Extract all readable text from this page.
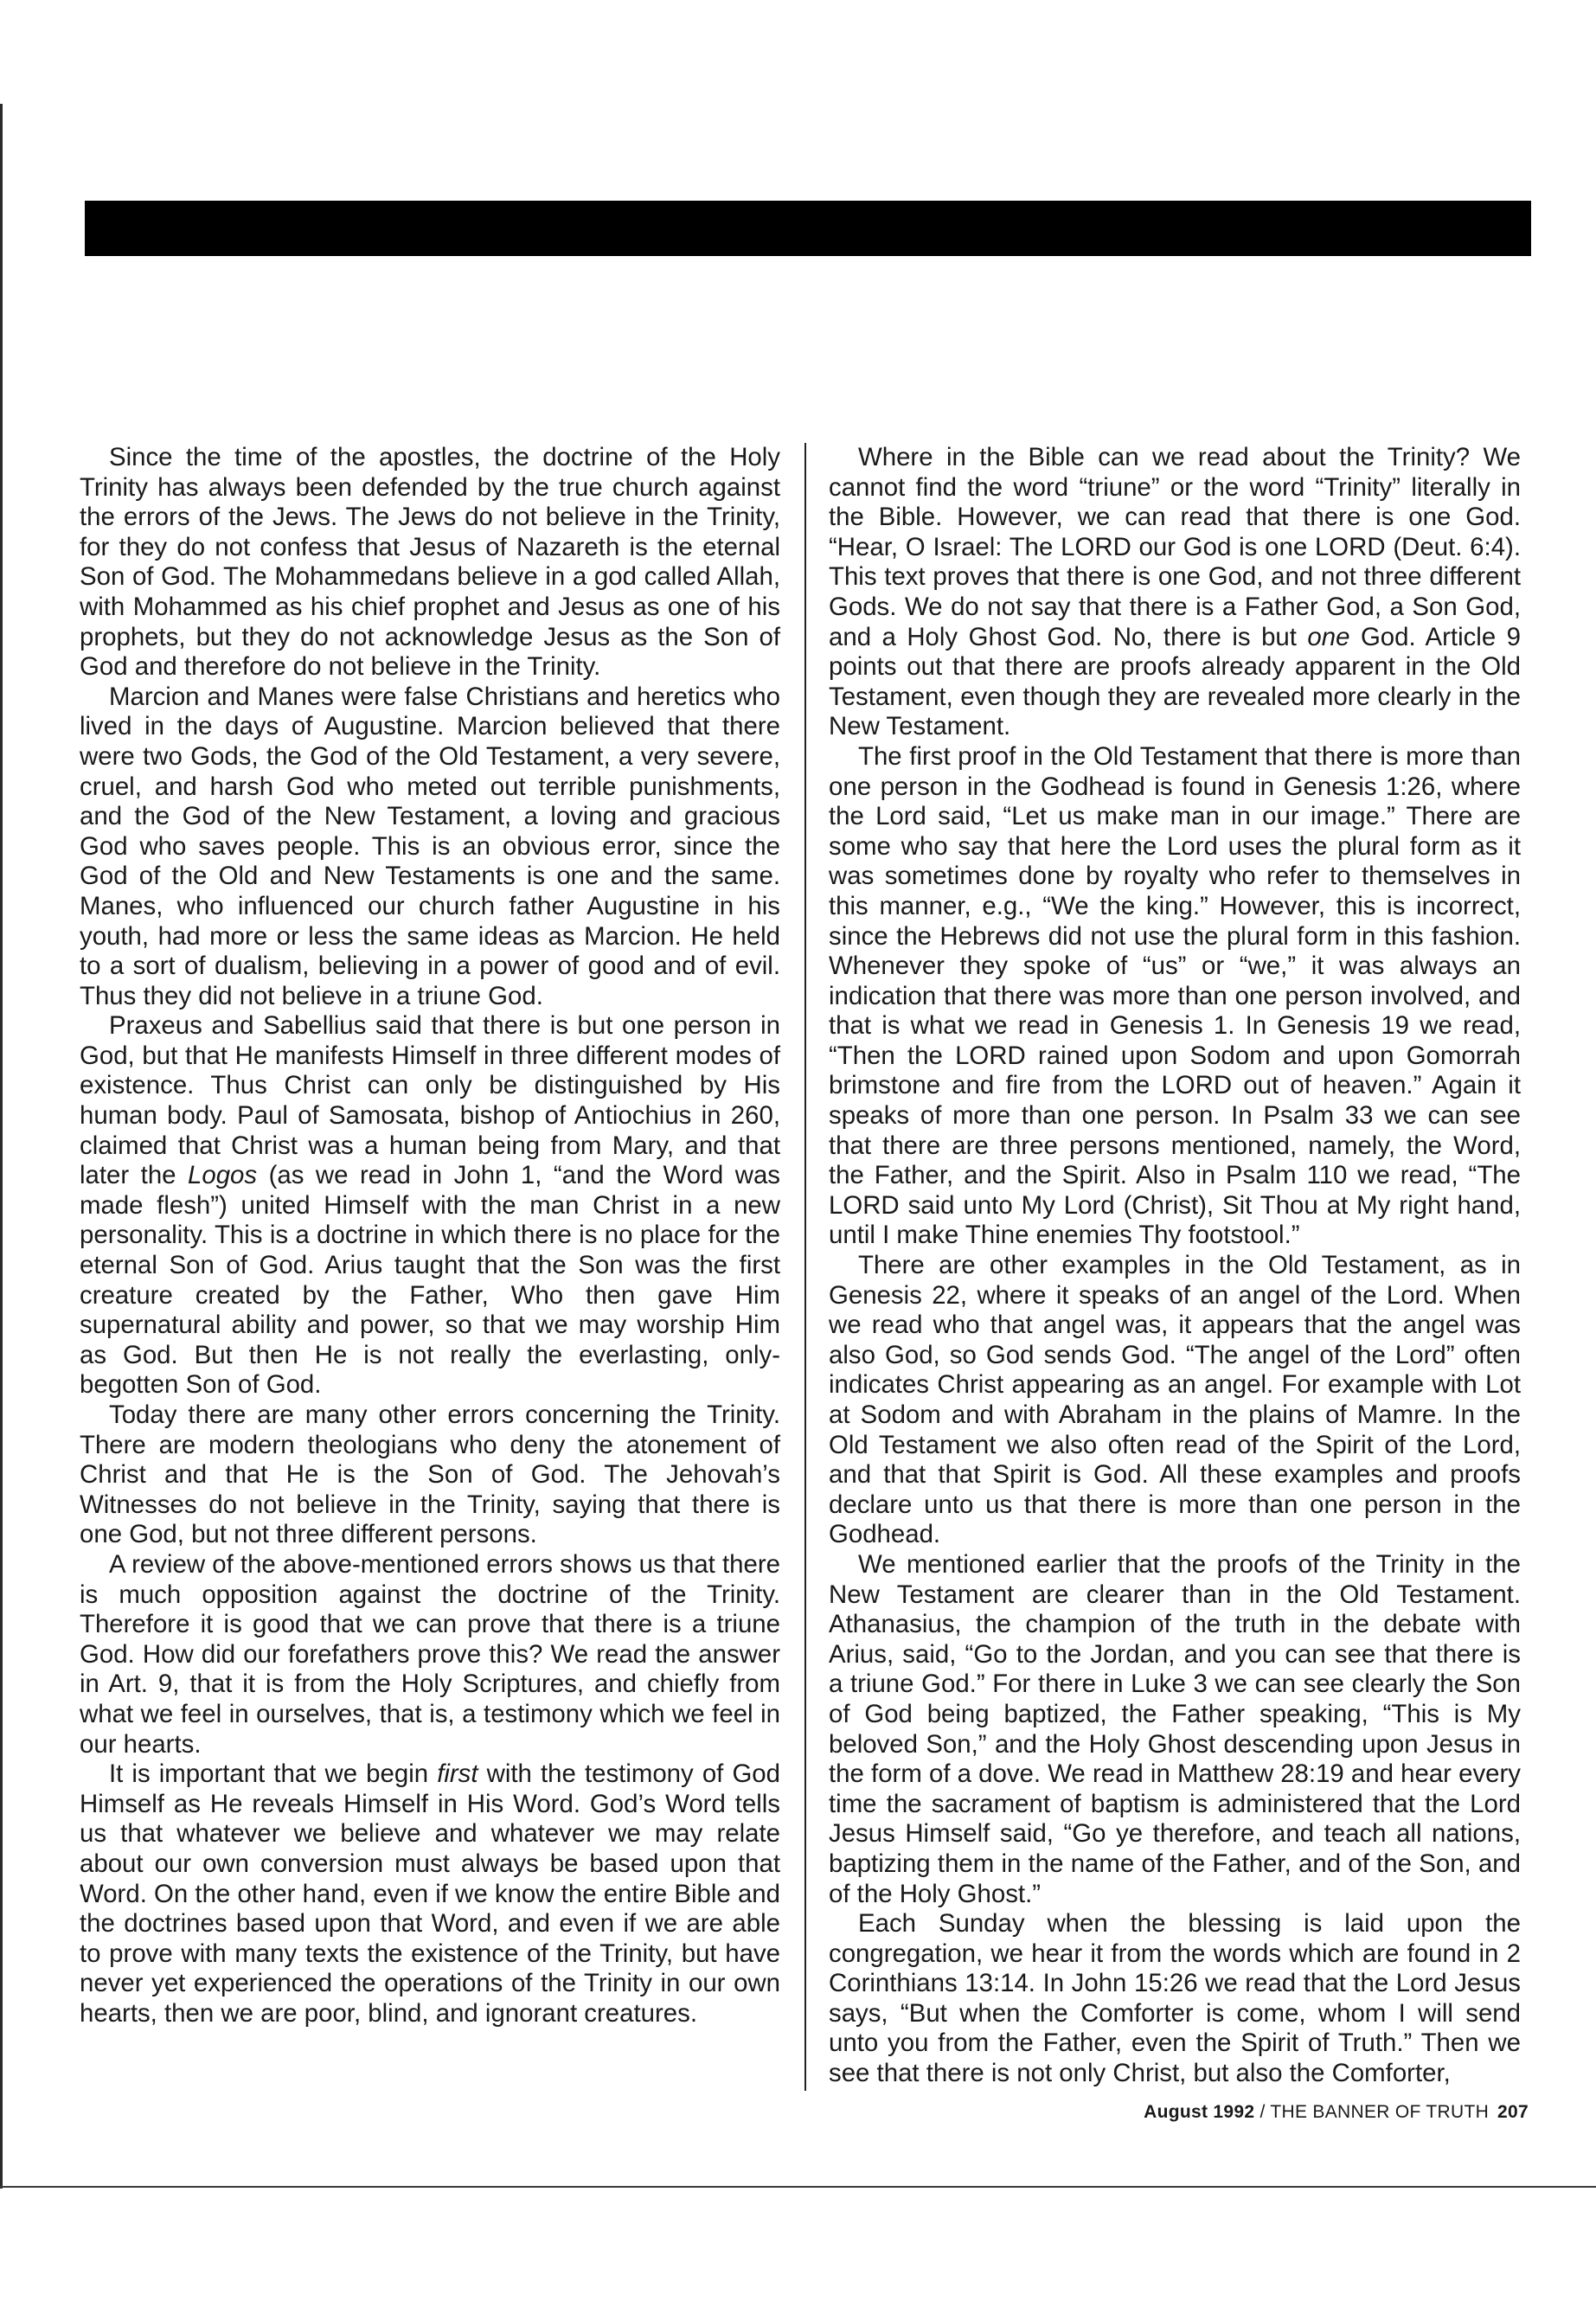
Since the time of the apostles, the doctrine of the Holy Trinity has always been defended by the true church against the errors of the Jews. The Jews do not believe in the Trinity, for they do not confess that Jesus of Nazareth is the eternal Son of God. The Mohammedans believe in a god called Allah, with Mohammed as his chief prophet and Jesus as one of his prophets, but they do not acknowledge Jesus as the Son of God and therefore do not believe in the Trinity.

Marcion and Manes were false Christians and heretics who lived in the days of Augustine. Marcion believed that there were two Gods, the God of the Old Testament, a very severe, cruel, and harsh God who meted out terrible punishments, and the God of the New Testament, a loving and gracious God who saves people. This is an obvious error, since the God of the Old and New Testaments is one and the same. Manes, who influenced our church father Augustine in his youth, had more or less the same ideas as Marcion. He held to a sort of dualism, believing in a power of good and of evil. Thus they did not believe in a triune God.

Praxeus and Sabellius said that there is but one person in God, but that He manifests Himself in three different modes of existence. Thus Christ can only be distinguished by His human body. Paul of Samosata, bishop of Antiochius in 260, claimed that Christ was a human being from Mary, and that later the Logos (as we read in John 1, “and the Word was made flesh”) united Himself with the man Christ in a new personality. This is a doctrine in which there is no place for the eternal Son of God. Arius taught that the Son was the first creature created by the Father, Who then gave Him supernatural ability and power, so that we may worship Him as God. But then He is not really the everlasting, only-begotten Son of God.

Today there are many other errors concerning the Trinity. There are modern theologians who deny the atonement of Christ and that He is the Son of God. The Jehovah’s Witnesses do not believe in the Trinity, saying that there is one God, but not three different persons.

A review of the above-mentioned errors shows us that there is much opposition against the doctrine of the Trinity. Therefore it is good that we can prove that there is a triune God. How did our forefathers prove this? We read the answer in Art. 9, that it is from the Holy Scriptures, and chiefly from what we feel in ourselves, that is, a testimony which we feel in our hearts.

It is important that we begin first with the testimony of God Himself as He reveals Himself in His Word. God’s Word tells us that whatever we believe and whatever we may relate about our own conversion must always be based upon that Word. On the other hand, even if we know the entire Bible and the doctrines based upon that Word, and even if we are able to prove with many texts the existence of the Trinity, but have never yet experienced the operations of the Trinity in our own hearts, then we are poor, blind, and ignorant creatures.

Where in the Bible can we read about the Trinity? We cannot find the word “triune” or the word “Trinity” literally in the Bible. However, we can read that there is one God. “Hear, O Israel: The LORD our God is one LORD (Deut. 6:4). This text proves that there is one God, and not three different Gods. We do not say that there is a Father God, a Son God, and a Holy Ghost God. No, there is but one God. Article 9 points out that there are proofs already apparent in the Old Testament, even though they are revealed more clearly in the New Testament.

The first proof in the Old Testament that there is more than one person in the Godhead is found in Genesis 1:26, where the Lord said, “Let us make man in our image.” There are some who say that here the Lord uses the plural form as it was sometimes done by royalty who refer to themselves in this manner, e.g., “We the king.” However, this is incorrect, since the Hebrews did not use the plural form in this fashion. Whenever they spoke of “us” or “we,” it was always an indication that there was more than one person involved, and that is what we read in Genesis 1. In Genesis 19 we read, “Then the LORD rained upon Sodom and upon Gomorrah brimstone and fire from the LORD out of heaven.” Again it speaks of more than one person. In Psalm 33 we can see that there are three persons mentioned, namely, the Word, the Father, and the Spirit. Also in Psalm 110 we read, “The LORD said unto My Lord (Christ), Sit Thou at My right hand, until I make Thine enemies Thy footstool.”

There are other examples in the Old Testament, as in Genesis 22, where it speaks of an angel of the Lord. When we read who that angel was, it appears that the angel was also God, so God sends God. “The angel of the Lord” often indicates Christ appearing as an angel. For example with Lot at Sodom and with Abraham in the plains of Mamre. In the Old Testament we also often read of the Spirit of the Lord, and that that Spirit is God. All these examples and proofs declare unto us that there is more than one person in the Godhead.

We mentioned earlier that the proofs of the Trinity in the New Testament are clearer than in the Old Testament. Athanasius, the champion of the truth in the debate with Arius, said, “Go to the Jordan, and you can see that there is a triune God.” For there in Luke 3 we can see clearly the Son of God being baptized, the Father speaking, “This is My beloved Son,” and the Holy Ghost descending upon Jesus in the form of a dove. We read in Matthew 28:19 and hear every time the sacrament of baptism is administered that the Lord Jesus Himself said, “Go ye therefore, and teach all nations, baptizing them in the name of the Father, and of the Son, and of the Holy Ghost.”

Each Sunday when the blessing is laid upon the congregation, we hear it from the words which are found in 2 Corinthians 13:14. In John 15:26 we read that the Lord Jesus says, “But when the Comforter is come, whom I will send unto you from the Father, even the Spirit of Truth.” Then we see that there is not only Christ, but also the Comforter,

August 1992 / THE BANNER OF TRUTH 207
